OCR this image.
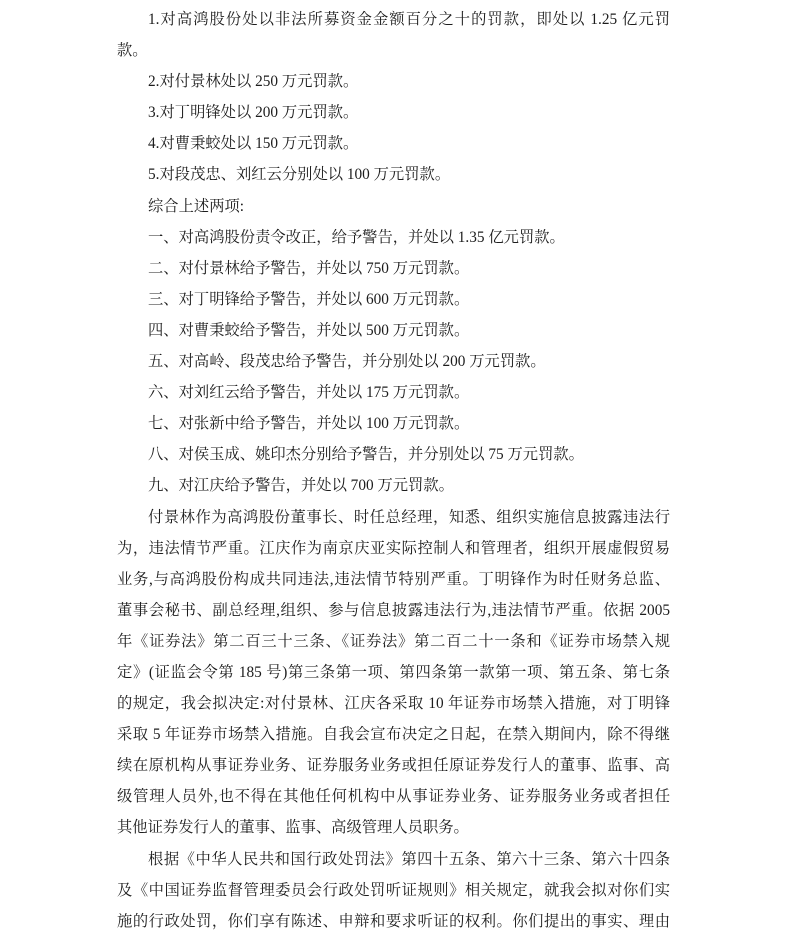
1.对高鸿股份处以非法所募资金金额百分之十的罚款，即处以 1.25 亿元罚
款。
2.对付景林处以 250 万元罚款。
3.对丁明锋处以 200 万元罚款。
4.对曹秉蛟处以 150 万元罚款。
5.对段茂忠、刘红云分别处以 100 万元罚款。
综合上述两项:
一、对高鸿股份责令改正，给予警告，并处以 1.35 亿元罚款。
二、对付景林给予警告，并处以 750 万元罚款。
三、对丁明锋给予警告，并处以 600 万元罚款。
四、对曹秉蛟给予警告，并处以 500 万元罚款。
五、对高岭、段茂忠给予警告，并分别处以 200 万元罚款。
六、对刘红云给予警告，并处以 175 万元罚款。
七、对张新中给予警告，并处以 100 万元罚款。
八、对侯玉成、姚印杰分别给予警告，并分别处以 75 万元罚款。
九、对江庆给予警告，并处以 700 万元罚款。
付景林作为高鸿股份董事长、时任总经理，知悉、组织实施信息披露违法行
为，违法情节严重。江庆作为南京庆亚实际控制人和管理者，组织开展虚假贸易
业务,与高鸿股份构成共同违法,违法情节特别严重。丁明锋作为时任财务总监、
董事会秘书、副总经理,组织、参与信息披露违法行为,违法情节严重。依据 2005
年《证券法》第二百三十三条、《证券法》第二百二十一条和《证券市场禁入规
定》(证监会令第 185 号)第三条第一项、第四条第一款第一项、第五条、第七条
的规定，我会拟决定:对付景林、江庆各采取 10 年证券市场禁入措施，对丁明锋
采取 5 年证券市场禁入措施。自我会宣布决定之日起，在禁入期间内，除不得继
续在原机构从事证券业务、证券服务业务或担任原证券发行人的董事、监事、高
级管理人员外,也不得在其他任何机构中从事证券业务、证券服务业务或者担任
其他证券发行人的董事、监事、高级管理人员职务。
根据《中华人民共和国行政处罚法》第四十五条、第六十三条、第六十四条
及《中国证券监督管理委员会行政处罚听证规则》相关规定，就我会拟对你们实
施的行政处罚，你们享有陈述、申辩和要求听证的权利。你们提出的事实、理由
